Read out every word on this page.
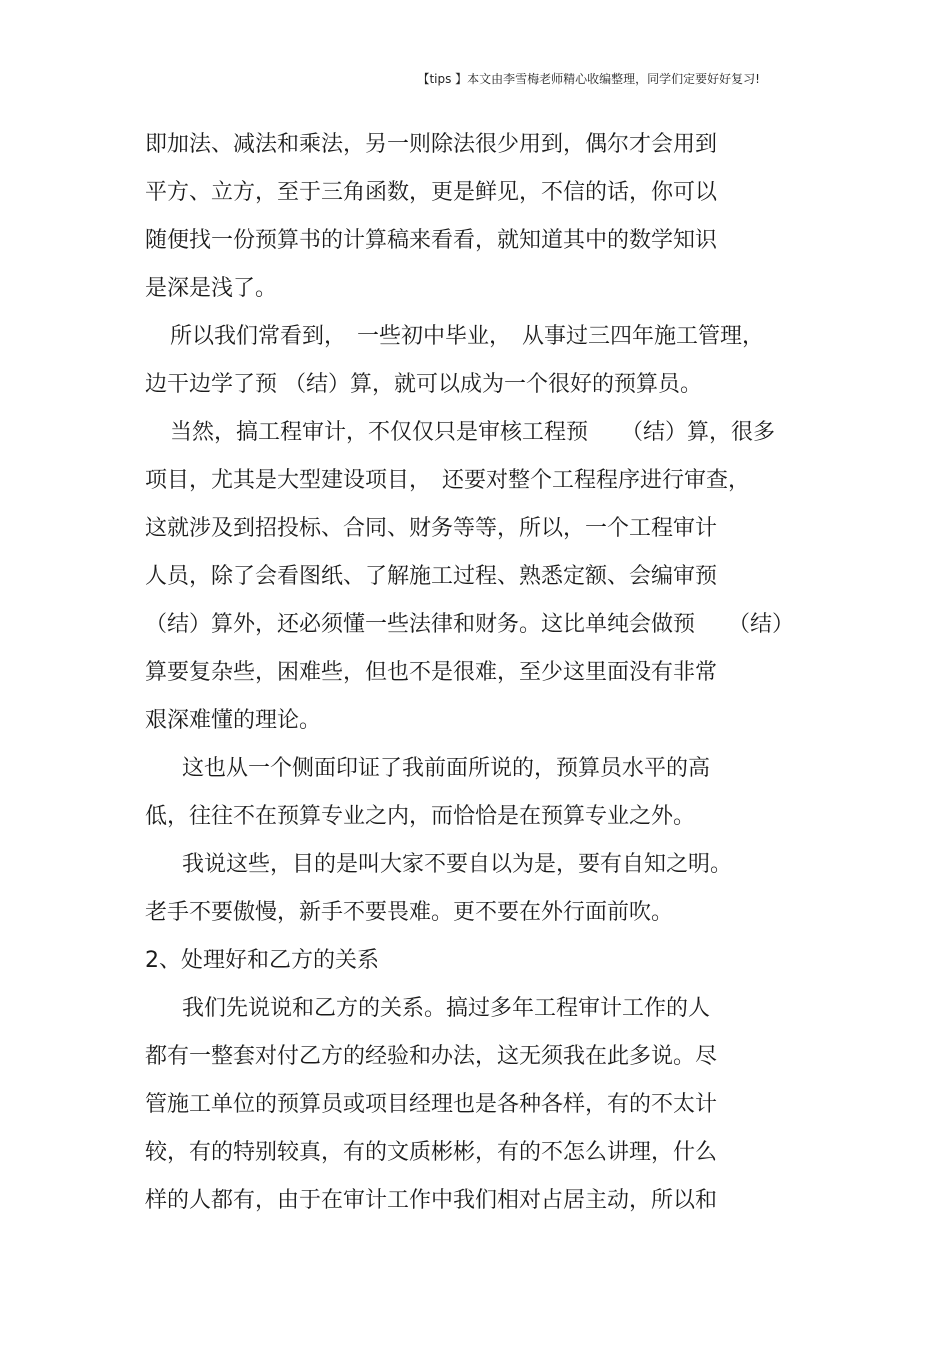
【tips 】本文由李雪梅老师精心收编整理，同学们定要好好复习!
即加法、减法和乘法，另一则除法很少用到，偶尔才会用到
平方、立方，至于三角函数，更是鲜见，不信的话，你可以
随便找一份预算书的计算稿来看看，就知道其中的数学知识
是深是浅了。
所以我们常看到，　一些初中毕业，　从事过三四年施工管理，
边干边学了预 （结）算，就可以成为一个很好的预算员。
当然，搞工程审计，不仅仅只是审核工程预　　（结）算，很多
项目，尤其是大型建设项目，　还要对整个工程程序进行审查，
这就涉及到招投标、合同、财务等等，所以，一个工程审计
人员，除了会看图纸、了解施工过程、熟悉定额、会编审预
（结）算外，还必须懂一些法律和财务。这比单纯会做预　　（结）
算要复杂些，困难些，但也不是很难，至少这里面没有非常
艰深难懂的理论。
这也从一个侧面印证了我前面所说的，预算员水平的高
低，往往不在预算专业之内，而恰恰是在预算专业之外。
我说这些，目的是叫大家不要自以为是，要有自知之明。
老手不要傲慢，新手不要畏难。更不要在外行面前吹。
2、处理好和乙方的关系
我们先说说和乙方的关系。搞过多年工程审计工作的人
都有一整套对付乙方的经验和办法，这无须我在此多说。尽
管施工单位的预算员或项目经理也是各种各样，有的不太计
较，有的特别较真，有的文质彬彬，有的不怎么讲理，什么
样的人都有，由于在审计工作中我们相对占居主动，所以和
